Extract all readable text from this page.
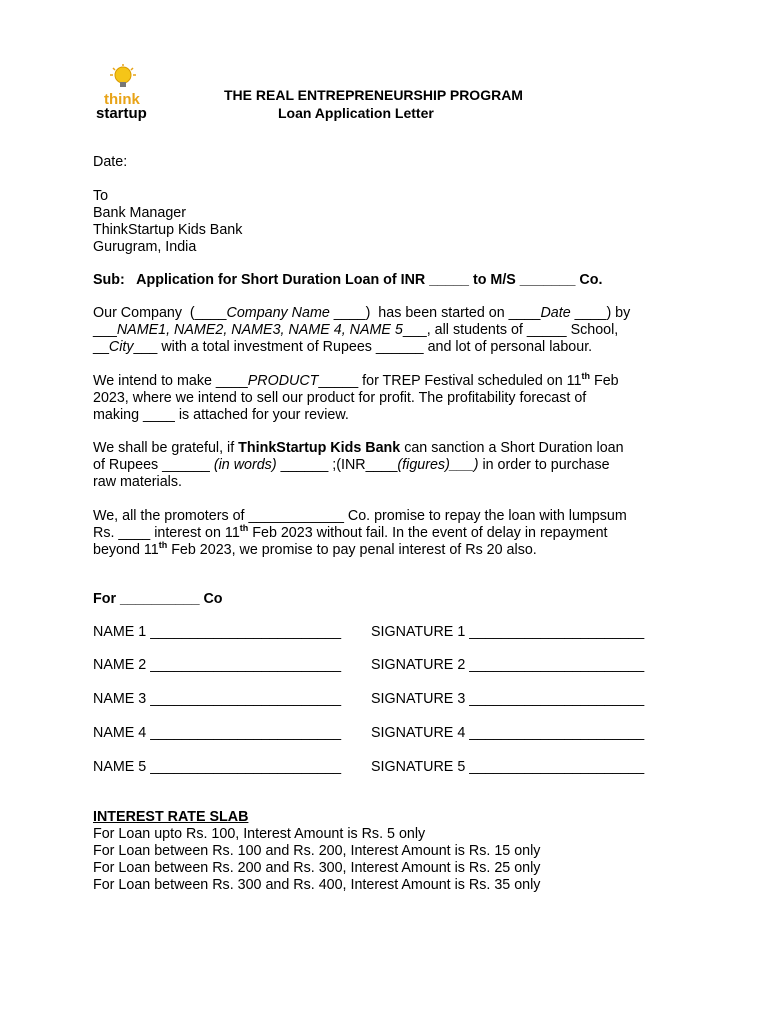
think
startup
THE REAL ENTREPRENEURSHIP PROGRAM
Loan Application Letter
Date:
To
Bank Manager
ThinkStartup Kids Bank
Gurugram, India
Sub:   Application for Short Duration Loan of INR _____ to M/S _______ Co.
Our Company  (____Company Name ____)  has been started on ____Date ____) by
___NAME1, NAME2, NAME3, NAME 4, NAME 5___, all students of _____ School,
__City___ with a total investment of Rupees ______ and lot of personal labour.
We intend to make ____PRODUCT_____ for TREP Festival scheduled on 11th Feb
2023, where we intend to sell our product for profit. The profitability forecast of
making ____ is attached for your review.
We shall be grateful, if ThinkStartup Kids Bank can sanction a Short Duration loan
of Rupees ______ (in words) ______ ;(INR____(figures)___) in order to purchase
raw materials.
We, all the promoters of ____________ Co. promise to repay the loan with lumpsum
Rs. ____ interest on 11th Feb 2023 without fail. In the event of delay in repayment
beyond 11th Feb 2023, we promise to pay penal interest of Rs 20 also.
For __________ Co
NAME 1 ________________________ SIGNATURE 1 ______________________
NAME 2 ________________________ SIGNATURE 2 ______________________
NAME 3 ________________________ SIGNATURE 3 ______________________
NAME 4 ________________________ SIGNATURE 4 ______________________
NAME 5 ________________________ SIGNATURE 5 ______________________
INTEREST RATE SLAB
For Loan upto Rs. 100, Interest Amount is Rs. 5 only
For Loan between Rs. 100 and Rs. 200, Interest Amount is Rs. 15 only
For Loan between Rs. 200 and Rs. 300, Interest Amount is Rs. 25 only
For Loan between Rs. 300 and Rs. 400, Interest Amount is Rs. 35 only
